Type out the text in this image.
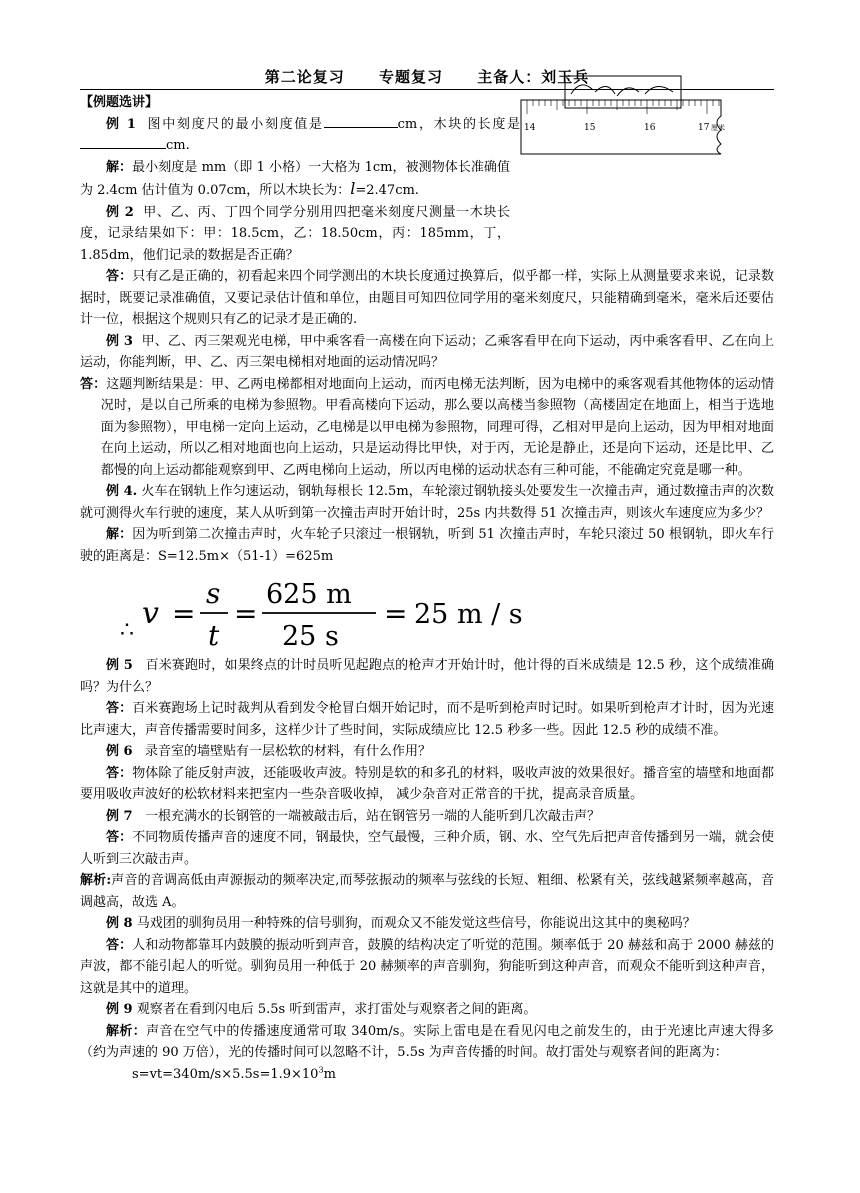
第二论复习 专题复习 主备人：刘玉兵
14	15	16	17 厘米

【例题选讲】

例 1 图中刻度尺的最小刻度值是	cm，木块的长度是cm.

解：最小刻度是 mm（即 1 小格）一大格为 1cm，被测物体长准确值为 2.4cm 估计值为 0.07cm，所以木块长为：l=2.47cm.

例 2 甲、乙、丙、丁四个同学分别用四把毫米刻度尺测量一木块长度，记录结果如下：甲：18.5cm，乙：18.50cm，丙：185mm，丁，1.85dm，他们记录的数据是否正确？

答：只有乙是正确的，初看起来四个同学测出的木块长度通过换算后，似乎都一样，实际上从测量要求来说，记录数据时，既要记录准确值，又要记录估计值和单位，由题目可知四位同学用的毫米刻度尺，只能精确到毫米，毫米后还要估计一位，根据这个规则只有乙的记录才是正确的.

例 3 甲、乙、丙三架观光电梯，甲中乘客看一高楼在向下运动；乙乘客看甲在向下运动，丙中乘客看甲、乙在向上运动，你能判断，甲、乙、丙三架电梯相对地面的运动情况吗？

答：这题判断结果是：甲、乙两电梯都相对地面向上运动，而丙电梯无法判断，因为电梯中的乘客观看其他物体的运动情况时，是以自己所乘的电梯为参照物。甲看高楼向下运动，那么要以高楼当参照物（高楼固定在地面上，相当于选地面为参照物），甲电梯一定向上运动，乙电梯是以甲电梯为参照物，同理可得，乙相对甲是向上运动，因为甲相对地面在向上运动，所以乙相对地面也向上运动，只是运动得比甲快，对于丙，无论是静止，还是向下运动，还是比甲、乙都慢的向上运动都能观察到甲、乙两电梯向上运动，所以丙电梯的运动状态有三种可能，不能确定究竟是哪一种。

例 4. 火车在钢轨上作匀速运动，钢轨每根长 12.5m，车轮滚过钢轨接头处要发生一次撞击声，通过数撞击声的次数就可测得火车行驶的速度，某人从听到第一次撞击声时开始计时，25s 内共数得 51 次撞击声，则该火车速度应为多少？

解：因为听到第二次撞击声时，火车轮子只滚过一根钢轨，听到 51 次撞击声时，车轮只滚过 50 根钢轨，即火车行驶的距离是：S=12.5m×（51-1）=625m

∴ v =
s
t
=
625 m
25 s
= 25 m / s

例 5 百米赛跑时，如果终点的计时员听见起跑点的枪声才开始计时，他计得的百米成绩是 12.5 秒，这个成绩准确吗？为什么？

答：百米赛跑场上记时裁判从看到发令枪冒白烟开始记时，而不是听到枪声时记时。如果听到枪声才计时，因为光速比声速大，声音传播需要时间多，这样少计了些时间，实际成绩应比 12.5 秒多一些。因此 12.5 秒的成绩不准。

例 6 录音室的墙壁贴有一层松软的材料，有什么作用？

答：物体除了能反射声波，还能吸收声波。特别是软的和多孔的材料，吸收声波的效果很好。播音室的墙壁和地面都要用吸收声波好的松软材料来把室内一些杂音吸收掉， 减少杂音对正常音的干扰，提高录音质量。

例 7 一根充满水的长钢管的一端被敲击后，站在钢管另一端的人能听到几次敲击声？

答：不同物质传播声音的速度不同，钢最快，空气最慢，三种介质，钢、水、空气先后把声音传播到另一端，就会使人听到三次敲击声。

解析:声音的音调高低由声源振动的频率决定,而琴弦振动的频率与弦线的长短、粗细、松紧有关，弦线越紧频率越高，音调越高，故选 A。

例 8 马戏团的驯狗员用一种特殊的信号驯狗，而观众又不能发觉这些信号，你能说出这其中的奥秘吗？

答：人和动物都靠耳内鼓膜的振动听到声音，鼓膜的结构决定了听觉的范围。频率低于 20 赫兹和高于 2000 赫兹的声波，都不能引起人的听觉。驯狗员用一种低于 20 赫频率的声音驯狗，狗能听到这种声音，而观众不能听到这种声音，这就是其中的道理。

例 9 观察者在看到闪电后 5.5s 听到雷声，求打雷处与观察者之间的距离。

解析：声音在空气中的传播速度通常可取 340m/s。实际上雷电是在看见闪电之前发生的，由于光速比声速大得多（约为声速的 90 万倍），光的传播时间可以忽略不计，5.5s 为声音传播的时间。故打雷处与观察者间的距离为：

$s=vt=340m/s\times 5.5s=1.9\times 10^3m$
